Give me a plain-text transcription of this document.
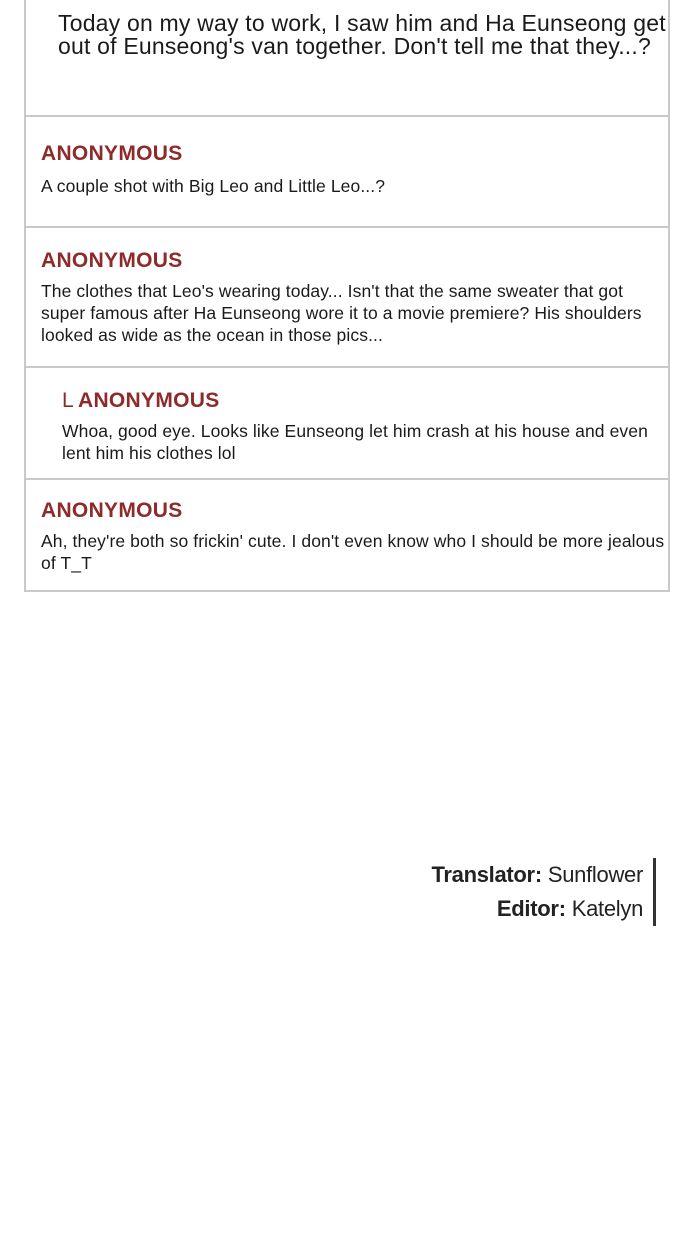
Today on my way to work, I saw him and Ha Eunseong get out of Eunseong's van together. Don't tell me that they...?
ANONYMOUS
A couple shot with Big Leo and Little Leo...?
ANONYMOUS
The clothes that Leo's wearing today... Isn't that the same sweater that got super famous after Ha Eunseong wore it to a movie premiere? His shoulders looked as wide as the ocean in those pics...
L ANONYMOUS
Whoa, good eye. Looks like Eunseong let him crash at his house and even lent him his clothes lol
ANONYMOUS
Ah, they're both so frickin' cute. I don't even know who I should be more jealous of T_T
Translator: Sunflower
Editor: Katelyn
